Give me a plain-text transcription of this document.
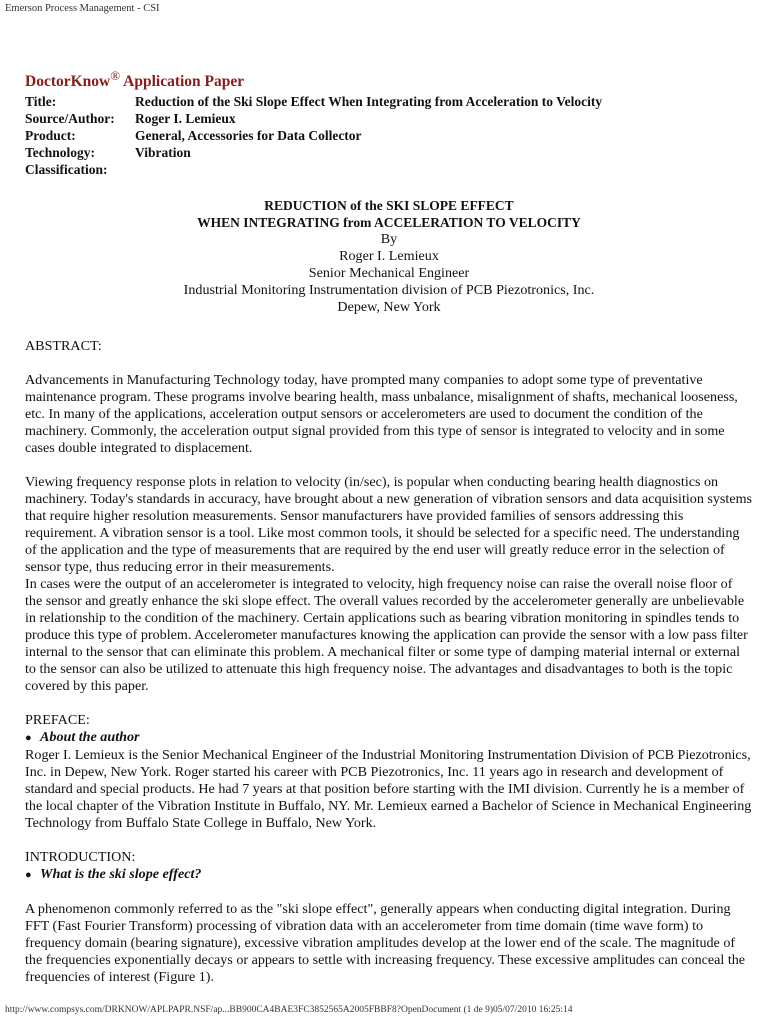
Emerson Process Management - CSI
DoctorKnow® Application Paper
Title:	Reduction of the Ski Slope Effect When Integrating from Acceleration to Velocity
Source/Author:	Roger I. Lemieux
Product:	General, Accessories for Data Collector
Technology:	Vibration
Classification:	
REDUCTION of the SKI SLOPE EFFECT
WHEN INTEGRATING from ACCELERATION TO VELOCITY
By
Roger I. Lemieux
Senior Mechanical Engineer
Industrial Monitoring Instrumentation division of PCB Piezotronics, Inc.
Depew, New York
ABSTRACT:

Advancements in Manufacturing Technology today, have prompted many companies to adopt some type of preventative maintenance program. These programs involve bearing health, mass unbalance, misalignment of shafts, mechanical looseness, etc. In many of the applications, acceleration output sensors or accelerometers are used to document the condition of the machinery. Commonly, the acceleration output signal provided from this type of sensor is integrated to velocity and in some cases double integrated to displacement.

Viewing frequency response plots in relation to velocity (in/sec), is popular when conducting bearing health diagnostics on machinery. Today's standards in accuracy, have brought about a new generation of vibration sensors and data acquisition systems that require higher resolution measurements. Sensor manufacturers have provided families of sensors addressing this requirement. A vibration sensor is a tool. Like most common tools, it should be selected for a specific need. The understanding of the application and the type of measurements that are required by the end user will greatly reduce error in the selection of sensor type, thus reducing error in their measurements.

In cases were the output of an accelerometer is integrated to velocity, high frequency noise can raise the overall noise floor of the sensor and greatly enhance the ski slope effect. The overall values recorded by the accelerometer generally are unbelievable in relationship to the condition of the machinery. Certain applications such as bearing vibration monitoring in spindles tends to produce this type of problem. Accelerometer manufactures knowing the application can provide the sensor with a low pass filter internal to the sensor that can eliminate this problem. A mechanical filter or some type of damping material internal or external to the sensor can also be utilized to attenuate this high frequency noise. The advantages and disadvantages to both is the topic covered by this paper.

PREFACE:
● About the author

Roger I. Lemieux is the Senior Mechanical Engineer of the Industrial Monitoring Instrumentation Division of PCB Piezotronics, Inc. in Depew, New York. Roger started his career with PCB Piezotronics, Inc. 11 years ago in research and development of standard and special products. He had 7 years at that position before starting with the IMI division. Currently he is a member of the local chapter of the Vibration Institute in Buffalo, NY. Mr. Lemieux earned a Bachelor of Science in Mechanical Engineering Technology from Buffalo State College in Buffalo, New York.

INTRODUCTION:
● What is the ski slope effect?

A phenomenon commonly referred to as the "ski slope effect", generally appears when conducting digital integration. During FFT (Fast Fourier Transform) processing of vibration data with an accelerometer from time domain (time wave form) to frequency domain (bearing signature), excessive vibration amplitudes develop at the lower end of the scale. The magnitude of the frequencies exponentially decays or appears to settle with increasing frequency. These excessive amplitudes can conceal the frequencies of interest (Figure 1).

http://www.compsys.com/DRKNOW/APLPAPR.NSF/ap...BB900CA4BAE3FC3852565A2005FBBF8?OpenDocument (1 de 9)05/07/2010 16:25:14
